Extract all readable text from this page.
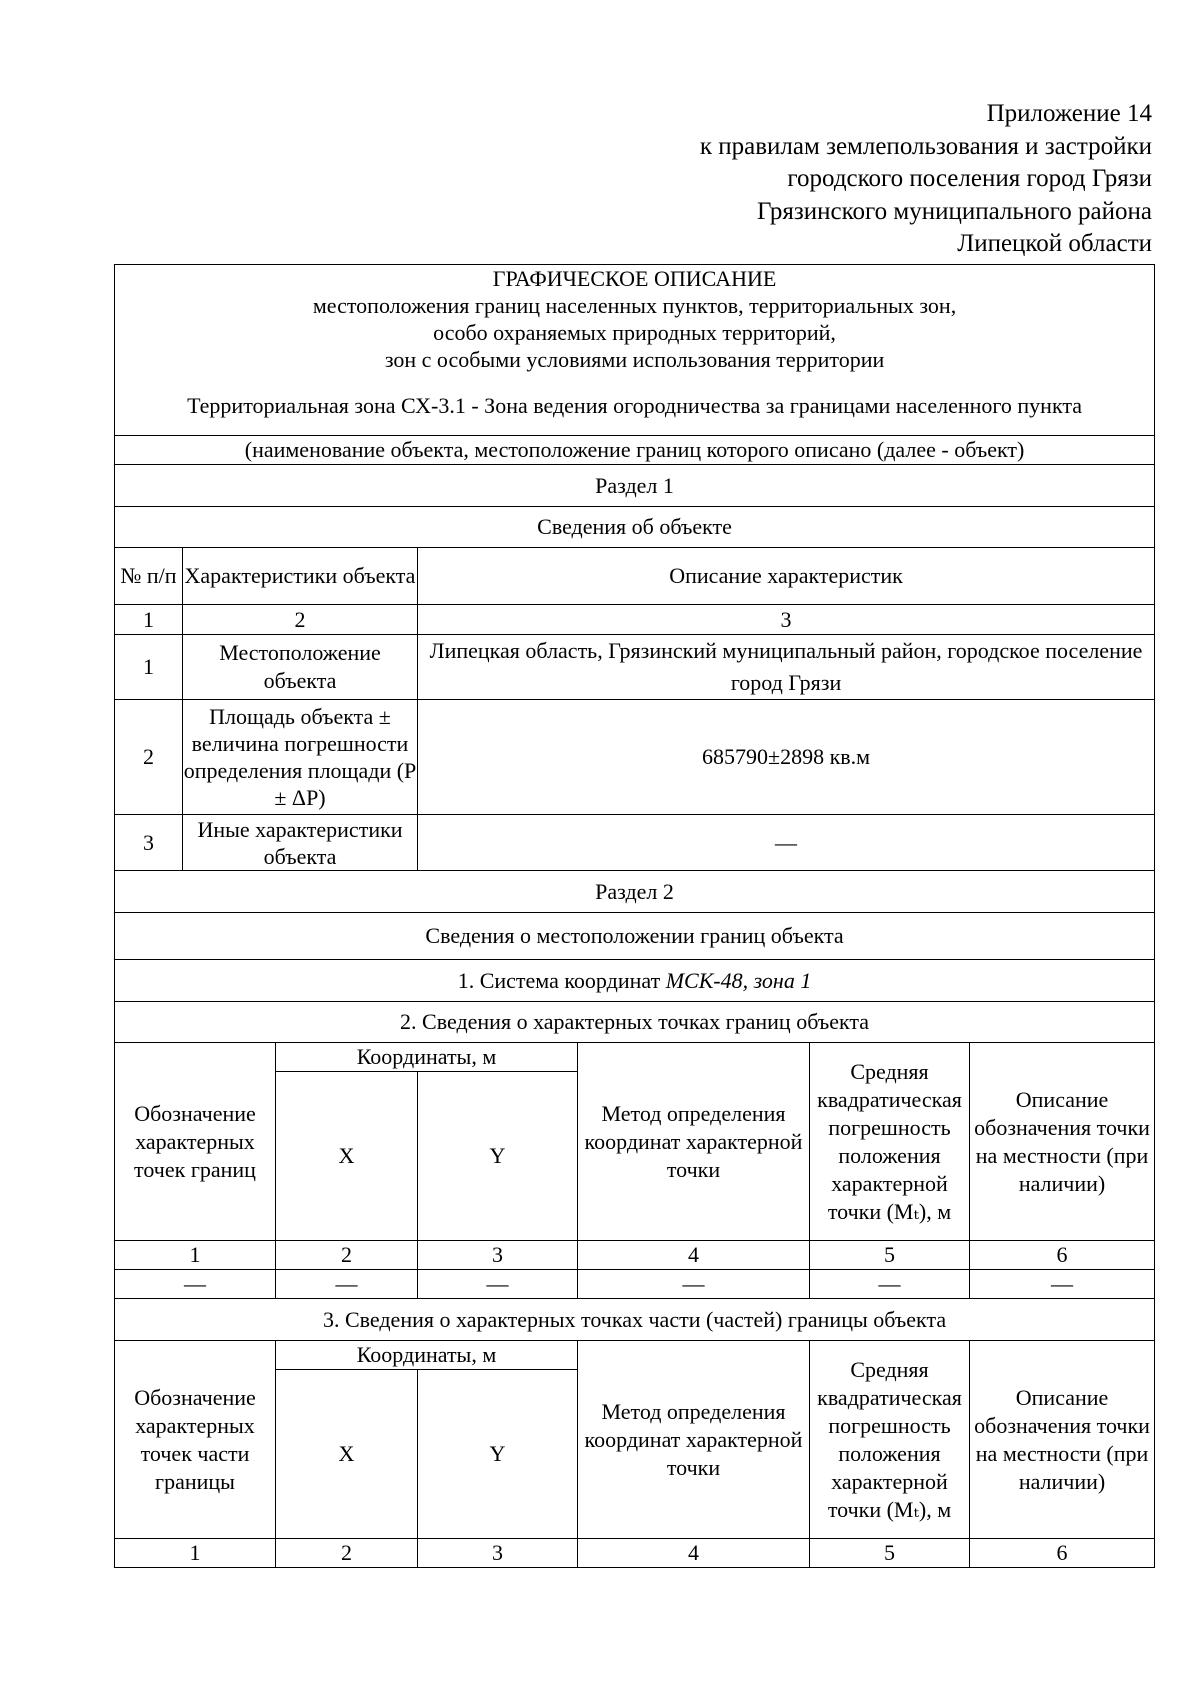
Приложение 14
к правилам землепользования и застройки
городского поселения город Грязи
Грязинского муниципального района
Липецкой области
ГРАФИЧЕСКОЕ ОПИСАНИЕ
местоположения границ населенных пунктов, территориальных зон,
особо охраняемых природных территорий,
зон с особыми условиями использования территории
Территориальная зона СХ-3.1 - Зона ведения огородничества за границами населенного пункта						

(наименование объекта, местоположение границ которого описано (далее - объект)						
Раздел 1						
Сведения об объекте						
№ п/п	Характеристики объекта		Описание характеристик			
1	2		3			
1	Местоположение объекта		Липецкая область, Грязинский муниципальный район, городское поселение город Грязи			
2	Площадь объекта ± величина погрешности определения площади (Р ± ΔР)		685790±2898 кв.м			
3	Иные характеристики объекта		—			
Раздел 2						
Сведения о местоположении границ объекта						
1. Система координат МСК-48, зона 1						
2. Сведения о характерных точках границ объекта						
Обозначение характерных точек границ		Координаты, м		Метод определения координат характерной точки	Средняя квадратическая погрешность положения характерной точки (Mₜ), м	Описание обозначения точки на местности (при наличии)
		X	Y			
1		2	3	4	5	6
—		—	—	—	—	—
3. Сведения о характерных точках части (частей) границы объекта						
Обозначение характерных точек части границы		Координаты, м		Метод определения координат характерной точки	Средняя квадратическая погрешность положения характерной точки (Mₜ), м	Описание обозначения точки на местности (при наличии)
		X	Y			
1		2	3	4	5	6
